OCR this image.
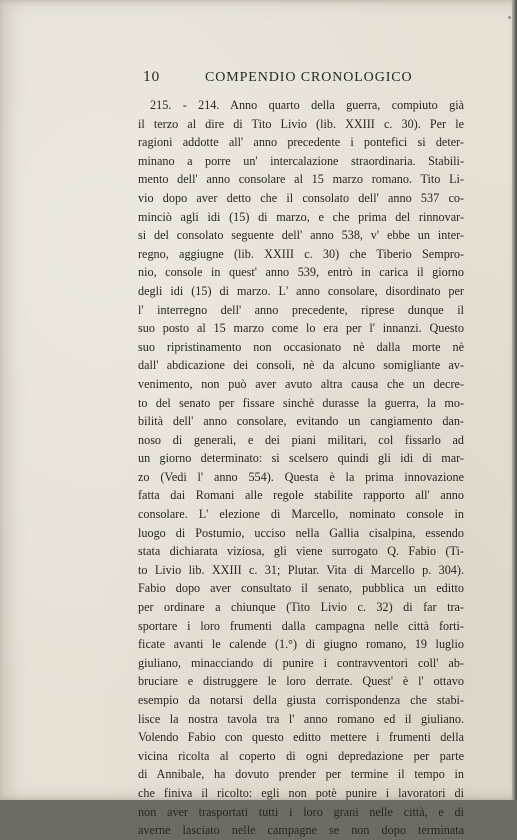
10	COMPENDIO CRONOLOGICO
215. - 214. Anno quarto della guerra, compiuto già
il terzo al dire di Tito Livio (lib. XXIII c. 30). Per le
ragioni addotte all' anno precedente i pontefici si deter-
minano a porre un' intercalazione straordinaria. Stabili-
mento dell' anno consolare al 15 marzo romano. Tito Li-
vio dopo aver detto che il consolato dell' anno 537 co-
minciò agli idi (15) di marzo, e che prima del rinnovar-
si del consolato seguente dell' anno 538, v' ebbe un inter-
regno, aggiugne (lib. XXIII c. 30) che Tiberio Sempro-
nio, console in quest' anno 539, entrò in carica il giorno
degli idi (15) di marzo. L' anno consolare, disordinato per
l' interregno dell' anno precedente, riprese dunque il
suo posto al 15 marzo come lo era per l' innanzi. Questo
suo ripristinamento non occasionato nè dalla morte nè
dall' abdicazione dei consoli, nè da alcuno somigliante av-
venimento, non può aver avuto altra causa che un decre-
to del senato per fissare sinchè durasse la guerra, la mo-
bilità dell' anno consolare, evitando un cangiamento dan-
noso di generali, e dei piani militari, col fissarlo ad
un giorno determinato: si scelsero quindi gli idi di mar-
zo (Vedi l' anno 554). Questa è la prima innovazione
fatta dai Romani alle regole stabilite rapporto all' anno
consolare. L' elezione di Marcello, nominato console in
luogo di Postumio, ucciso nella Gallia cisalpina, essendo
stata dichiarata viziosa, gli viene surrogato Q. Fabio (Ti-
to Livio lib. XXIII c. 31; Plutar. Vita di Marcello p. 304).
Fabio dopo aver consultato il senato, pubblica un editto
per ordinare a chiunque (Tito Livio c. 32) di far tra-
sportare i loro frumenti dalla campagna nelle città forti-
ficate avanti le calende (1.°) di giugno romano, 19 luglio
giuliano, minacciando di punire i contravventori coll' ab-
bruciare e distruggere le loro derrate. Quest' è l' ottavo
esempio da notarsi della giusta corrispondenza che stabi-
lisce la nostra tavola tra l' anno romano ed il giuliano.
Volendo Fabio con questo editto mettere i frumenti della
vicina ricolta al coperto di ogni depredazione per parte
di Annibale, ha dovuto prender per termine il tempo in
che finiva il ricolto: egli non potè punire i lavoratori di
non aver trasportati tutti i loro grani nelle città, e di
averne lasciato nelle campagne se non dopo terminata
